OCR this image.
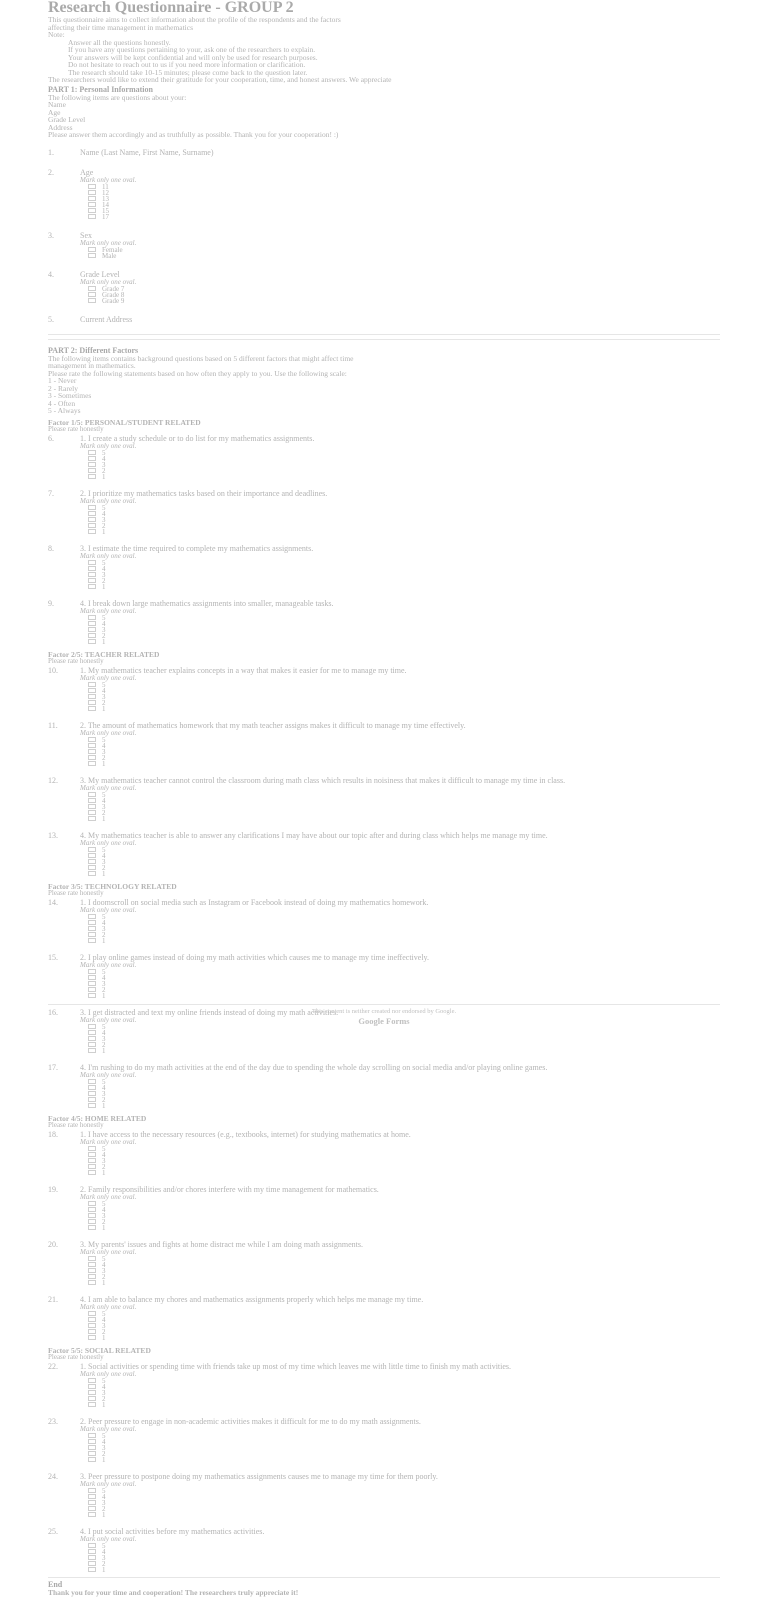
Research Questionnaire - GROUP 2

This questionnaire aims to collect information about the profile of the respondents and the factors

affecting their time management in mathematics

Note:

Answer all the questions honestly.

If you have any questions pertaining to your, ask one of the researchers to explain.

Your answers will be kept confidential and will only be used for research purposes.

Do not hesitate to reach out to us if you need more information or clarification.

The research should take 10-15 minutes; please come back to the question later.

The researchers would like to extend their gratitude for your cooperation, time, and honest answers. We appreciate

PART 1: Personal Information

The following items are questions about your:

Name

Age

Grade Level

Address

Please answer them accordingly and as truthfully as possible. Thank you for your cooperation! :)

1.	Name (Last Name, First Name, Surname)
2.	Age
Mark only one oval.
11
12
13
14
15
17
3.	Sex
Mark only one oval.
Female
Male
4.	Grade Level
Mark only one oval.
Grade 7
Grade 8
Grade 9
5.	Current Address

PART 2: Different Factors

The following items contains background questions based on 5 different factors that might affect time

management in mathematics.

Please rate the following statements based on how often they apply to you. Use the following scale:

1 - Never

2 - Rarely

3 - Sometimes

4 - Often

5 - Always

Factor 1/5: PERSONAL/STUDENT RELATED

Please rate honestly

6.	1. I create a study schedule or to do list for my mathematics assignments.
Mark only one oval.
5
4
3
2
1
7.	2. I prioritize my mathematics tasks based on their importance and deadlines.
Mark only one oval.
5
4
3
2
1
8.	3. I estimate the time required to complete my mathematics assignments.
Mark only one oval.
5
4
3
2
1
9.	4. I break down large mathematics assignments into smaller, manageable tasks.
Mark only one oval.
5
4
3
2
1

Factor 2/5: TEACHER RELATED

Please rate honestly

10.	1. My mathematics teacher explains concepts in a way that makes it easier for me to manage my time.
Mark only one oval.
5
4
3
2
1
11.	2. The amount of mathematics homework that my math teacher assigns makes it difficult to manage my time effectively.
Mark only one oval.
5
4
3
2
1
12.	3. My mathematics teacher cannot control the classroom during math class which results in noisiness that makes it difficult to manage my time in class.
Mark only one oval.
5
4
3
2
1
13.	4. My mathematics teacher is able to answer any clarifications I may have about our topic after and during class which helps me manage my time.
Mark only one oval.
5
4
3
2
1

Factor 3/5: TECHNOLOGY RELATED

Please rate honestly

14.	1. I doomscroll on social media such as Instagram or Facebook instead of doing my mathematics homework.
Mark only one oval.
5
4
3
2
1
15.	2. I play online games instead of doing my math activities which causes me to manage my time ineffectively.
Mark only one oval.
5
4
3
2
1
16.	3. I get distracted and text my online friends instead of doing my math activities.
Mark only one oval.
5
4
3
2
1
17.	4. I'm rushing to do my math activities at the end of the day due to spending the whole day scrolling on social media and/or playing online games.
Mark only one oval.
5
4
3
2
1

Factor 4/5: HOME RELATED

Please rate honestly

18.	1. I have access to the necessary resources (e.g., textbooks, internet) for studying mathematics at home.
Mark only one oval.
5
4
3
2
1
19.	2. Family responsibilities and/or chores interfere with my time management for mathematics.
Mark only one oval.
5
4
3
2
1
20.	3. My parents' issues and fights at home distract me while I am doing math assignments.
Mark only one oval.
5
4
3
2
1
21.	4. I am able to balance my chores and mathematics assignments properly which helps me manage my time.
Mark only one oval.
5
4
3
2
1

Factor 5/5: SOCIAL RELATED

Please rate honestly

22.	1. Social activities or spending time with friends take up most of my time which leaves me with little time to finish my math activities.
Mark only one oval.
5
4
3
2
1
23.	2. Peer pressure to engage in non-academic activities makes it difficult for me to do my math assignments.
Mark only one oval.
5
4
3
2
1
24.	3. Peer pressure to postpone doing my mathematics assignments causes me to manage my time for them poorly.
Mark only one oval.
5
4
3
2
1
25.	4. I put social activities before my mathematics activities.
Mark only one oval.
5
4
3
2
1

End

Thank you for your time and cooperation! The researchers truly appreciate it!

This content is neither created nor endorsed by Google.
Google Forms
